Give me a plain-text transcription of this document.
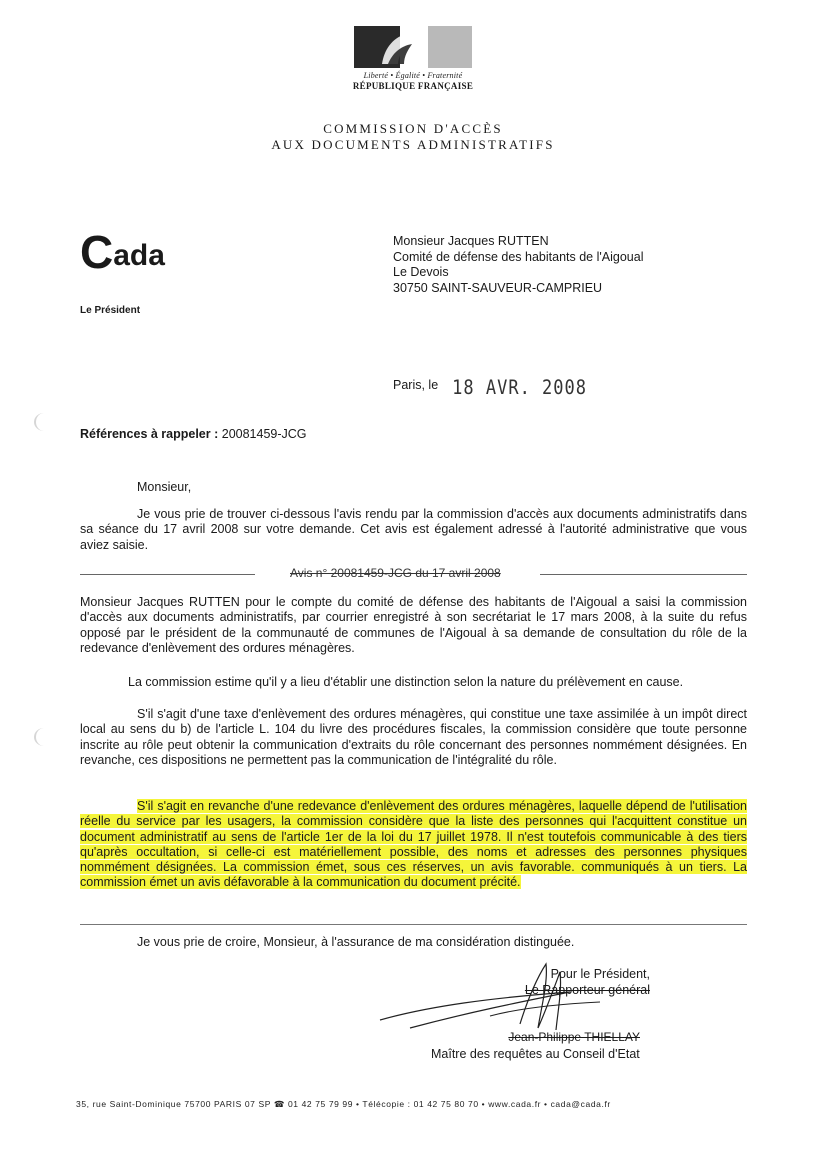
Liberté • Égalité • Fraternité
RÉPUBLIQUE FRANÇAISE
COMMISSION D'ACCÈS
AUX DOCUMENTS ADMINISTRATIFS
Cada
Le Président
Monsieur Jacques RUTTEN
Comité de défense des habitants de l'Aigoual
Le Devois
30750 SAINT-SAUVEUR-CAMPRIEU
Paris, le 18 AVR. 2008
Références à rappeler : 20081459-JCG
Monsieur,
Je vous prie de trouver ci-dessous l'avis rendu par la commission d'accès aux documents administratifs dans sa séance du 17 avril 2008 sur votre demande. Cet avis est également adressé à l'autorité administrative que vous aviez saisie.
Avis n° 20081459-JCG du 17 avril 2008
Monsieur Jacques RUTTEN pour le compte du comité de défense des habitants de l'Aigoual a saisi la commission d'accès aux documents administratifs, par courrier enregistré à son secrétariat le 17 mars 2008, à la suite du refus opposé par le président de la communauté de communes de l'Aigoual à sa demande de consultation du rôle de la redevance d'enlèvement des ordures ménagères.
La commission estime qu'il y a lieu d'établir une distinction selon la nature du prélèvement en cause.
S'il s'agit d'une taxe d'enlèvement des ordures ménagères, qui constitue une taxe assimilée à un impôt direct local au sens du b) de l'article L. 104 du livre des procédures fiscales, la commission considère que toute personne inscrite au rôle peut obtenir la communication d'extraits du rôle concernant des personnes nommément désignées. En revanche, ces dispositions ne permettent pas la communication de l'intégralité du rôle.
S'il s'agit en revanche d'une redevance d'enlèvement des ordures ménagères, laquelle dépend de l'utilisation réelle du service par les usagers, la commission considère que la liste des personnes qui l'acquittent constitue un document administratif au sens de l'article 1er de la loi du 17 juillet 1978. Il n'est toutefois communicable à des tiers qu'après occultation, si celle-ci est matériellement possible, des noms et adresses des personnes physiques nommément désignées. La commission émet, sous ces réserves, un avis favorable. communiqués à un tiers. La commission émet un avis défavorable à la communication du document précité.
Je vous prie de croire, Monsieur, à l'assurance de ma considération distinguée.
Pour le Président,
Le Rapporteur général
Jean-Philippe THIELLAY
Maître des requêtes au Conseil d'Etat
35, rue Saint-Dominique 75700 PARIS 07 SP ☎ 01 42 75 79 99 • Télécopie : 01 42 75 80 70 • www.cada.fr • cada@cada.fr
